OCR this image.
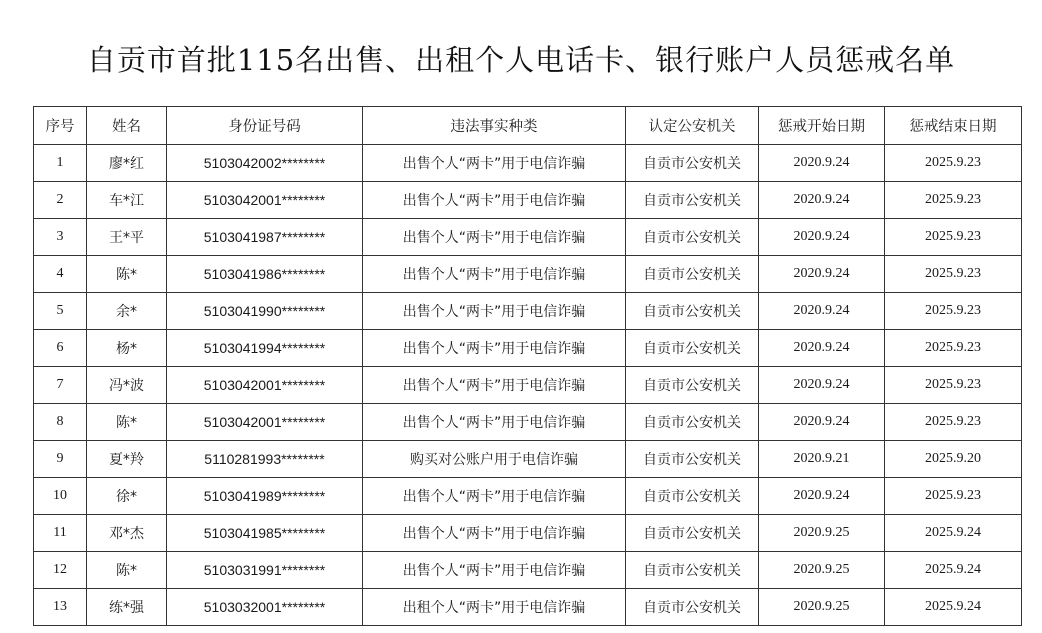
自贡市首批115名出售、出租个人电话卡、银行账户人员惩戒名单
序号	姓名	身份证号码	违法事实种类	认定公安机关	惩戒开始日期	惩戒结束日期
1	廖*红	5103042002********	出售个人“两卡”用于电信诈骗	自贡市公安机关	2020.9.24	2025.9.23
2	车*江	5103042001********	出售个人“两卡”用于电信诈骗	自贡市公安机关	2020.9.24	2025.9.23
3	王*平	5103041987********	出售个人“两卡”用于电信诈骗	自贡市公安机关	2020.9.24	2025.9.23
4	陈*	5103041986********	出售个人“两卡”用于电信诈骗	自贡市公安机关	2020.9.24	2025.9.23
5	余*	5103041990********	出售个人“两卡”用于电信诈骗	自贡市公安机关	2020.9.24	2025.9.23
6	杨*	5103041994********	出售个人“两卡”用于电信诈骗	自贡市公安机关	2020.9.24	2025.9.23
7	冯*波	5103042001********	出售个人“两卡”用于电信诈骗	自贡市公安机关	2020.9.24	2025.9.23
8	陈*	5103042001********	出售个人“两卡”用于电信诈骗	自贡市公安机关	2020.9.24	2025.9.23
9	夏*羚	5110281993********	购买对公账户用于电信诈骗	自贡市公安机关	2020.9.21	2025.9.20
10	徐*	5103041989********	出售个人“两卡”用于电信诈骗	自贡市公安机关	2020.9.24	2025.9.23
11	邓*杰	5103041985********	出售个人“两卡”用于电信诈骗	自贡市公安机关	2020.9.25	2025.9.24
12	陈*	5103031991********	出售个人“两卡”用于电信诈骗	自贡市公安机关	2020.9.25	2025.9.24
13	练*强	5103032001********	出租个人“两卡”用于电信诈骗	自贡市公安机关	2020.9.25	2025.9.24
